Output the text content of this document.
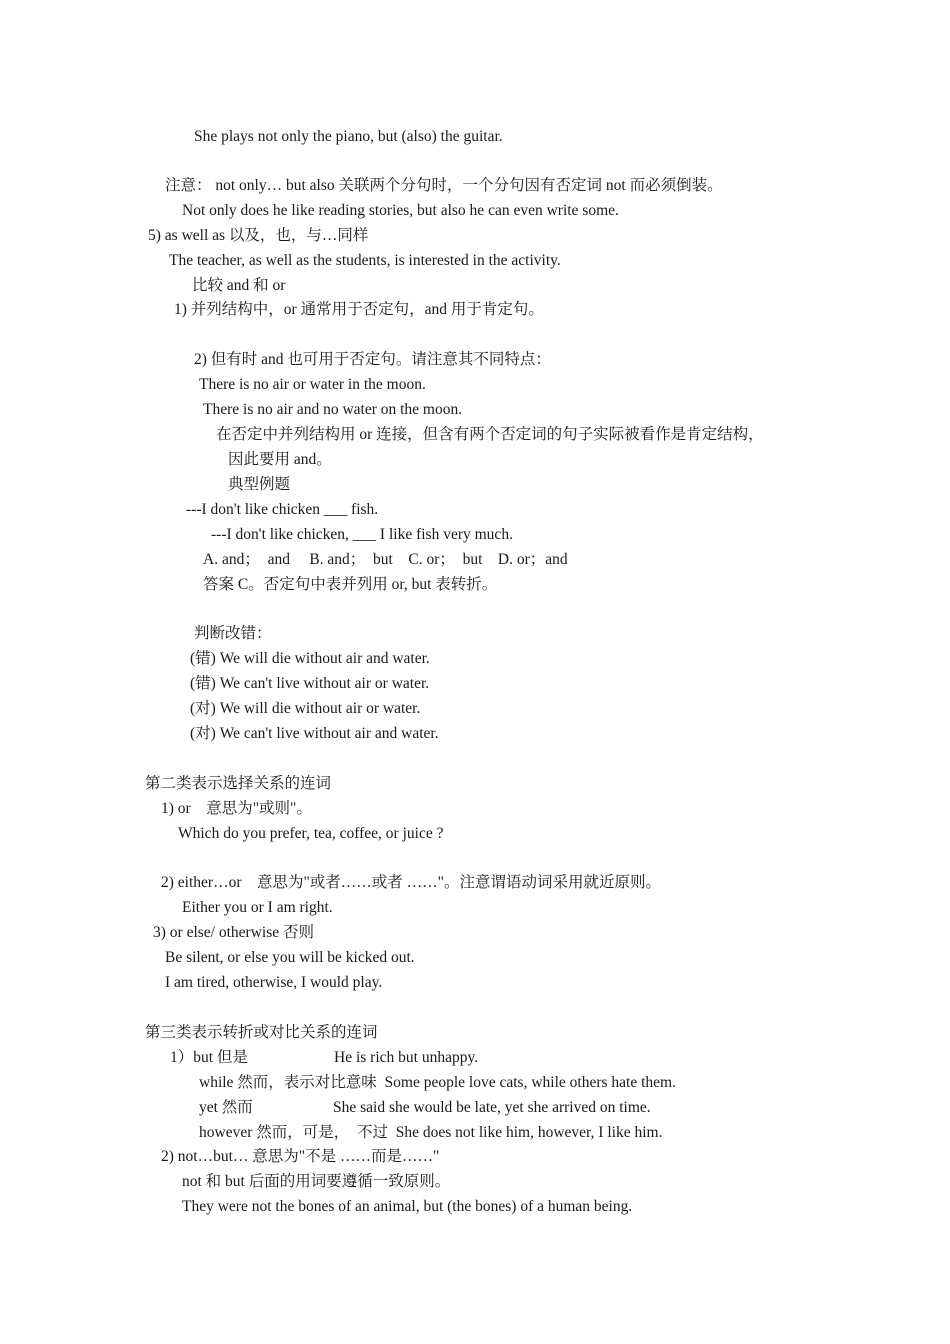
She plays not only the piano, but (also) the guitar.
注意： not only… but also 关联两个分句时，一个分句因有否定词 not 而必须倒装。
Not only does he like reading stories, but also he can even write some.
5) as well as 以及，也，与…同样
The teacher, as well as the students, is interested in the activity.
比较 and 和 or
1) 并列结构中，or 通常用于否定句，and 用于肯定句。
2) 但有时 and 也可用于否定句。请注意其不同特点：
There is no air or water in the moon.
There is no air and no water on the moon.
在否定中并列结构用 or 连接，但含有两个否定词的句子实际被看作是肯定结构，
因此要用 and。
典型例题
---I don't like chicken ___ fish.
---I don't like chicken, ___ I like fish very much.
A. and；  and     B. and；  but    C. or；  but    D. or；and
答案 C。否定句中表并列用 or, but 表转折。
判断改错：
(错) We will die without air and water.
(错) We can't live without air or water.
(对) We will die without air or water.
(对) We can't live without air and water.
第二类表示选择关系的连词
1) or    意思为"或则"。
Which do you prefer, tea, coffee, or juice ?
2) either…or    意思为"或者……或者 ……"。注意谓语动词采用就近原则。
Either you or I am right.
3) or else/ otherwise 否则
Be silent, or else you will be kicked out.
I am tired, otherwise, I would play.
第三类表示转折或对比关系的连词
1）but 但是	He is rich but unhappy.
while 然而，表示对比意味  Some people love cats, while others hate them.
yet 然而	She said she would be late, yet she arrived on time.
however 然而，可是，  不过  She does not like him, however, I like him.
2) not…but… 意思为"不是 ……而是……"
not 和 but 后面的用词要遵循一致原则。
They were not the bones of an animal, but (the bones) of a human being.
